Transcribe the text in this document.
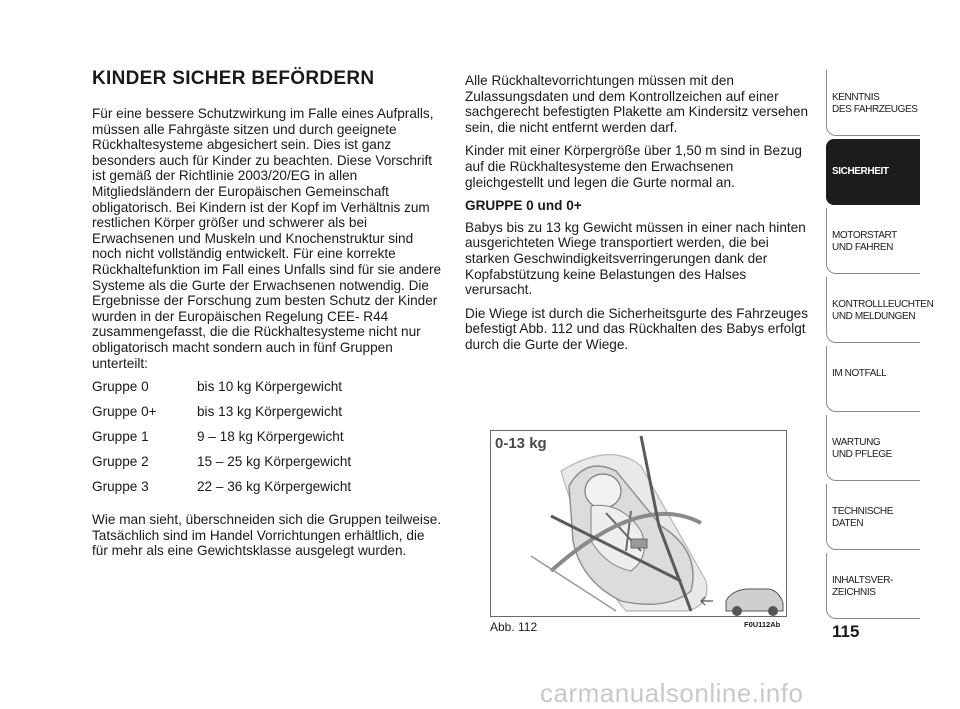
KINDER SICHER BEFÖRDERN

Für eine bessere Schutzwirkung im Falle eines Aufpralls, müssen alle Fahrgäste sitzen und durch geeignete Rückhaltesysteme abgesichert sein. Dies ist ganz besonders auch für Kinder zu beachten. Diese Vorschrift ist gemäß der Richtlinie 2003/20/EG in allen Mitgliedsländern der Europäischen Gemeinschaft obligatorisch. Bei Kindern ist der Kopf im Verhältnis zum restlichen Körper größer und schwerer als bei Erwachsenen und Muskeln und Knochenstruktur sind noch nicht vollständig entwickelt. Für eine korrekte Rückhaltefunktion im Fall eines Unfalls sind für sie andere Systeme als die Gurte der Erwachsenen notwendig. Die Ergebnisse der Forschung zum besten Schutz der Kinder wurden in der Europäischen Regelung CEE- R44 zusammengefasst, die die Rückhaltesysteme nicht nur obligatorisch macht sondern auch in fünf Gruppen unterteilt:

Gruppe 0	bis 10 kg Körpergewicht
Gruppe 0+	bis 13 kg Körpergewicht
Gruppe 1	9 – 18 kg Körpergewicht
Gruppe 2	15 – 25 kg Körpergewicht
Gruppe 3	22 – 36 kg Körpergewicht

Wie man sieht, überschneiden sich die Gruppen teilweise. Tatsächlich sind im Handel Vorrichtungen erhältlich, die für mehr als eine Gewichtsklasse ausgelegt wurden.

Alle Rückhaltevorrichtungen müssen mit den Zulassungsdaten und dem Kontrollzeichen auf einer sachgerecht befestigten Plakette am Kindersitz versehen sein, die nicht entfernt werden darf.

Kinder mit einer Körpergröße über 1,50 m sind in Bezug auf die Rückhaltesysteme den Erwachsenen gleichgestellt und legen die Gurte normal an.

GRUPPE 0 und 0+

Babys bis zu 13 kg Gewicht müssen in einer nach hinten ausgerichteten Wiege transportiert werden, die bei starken Geschwindigkeitsverringerungen dank der Kopfabstützung keine Belastungen des Halses verursacht.

Die Wiege ist durch die Sicherheitsgurte des Fahrzeuges befestigt Abb. 112 und das Rückhalten des Babys erfolgt durch die Gurte der Wiege.

0-13 kg
Abb. 112	F0U112Ab
KENNTNIS
DES FAHRZEUGES
SICHERHEIT
MOTORSTART
UND FAHREN
KONTROLLLEUCHTEN
UND MELDUNGEN
IM NOTFALL
WARTUNG
UND PFLEGE
TECHNISCHE
DATEN
INHALTSVER-
ZEICHNIS
115
carmanualsonline.info
